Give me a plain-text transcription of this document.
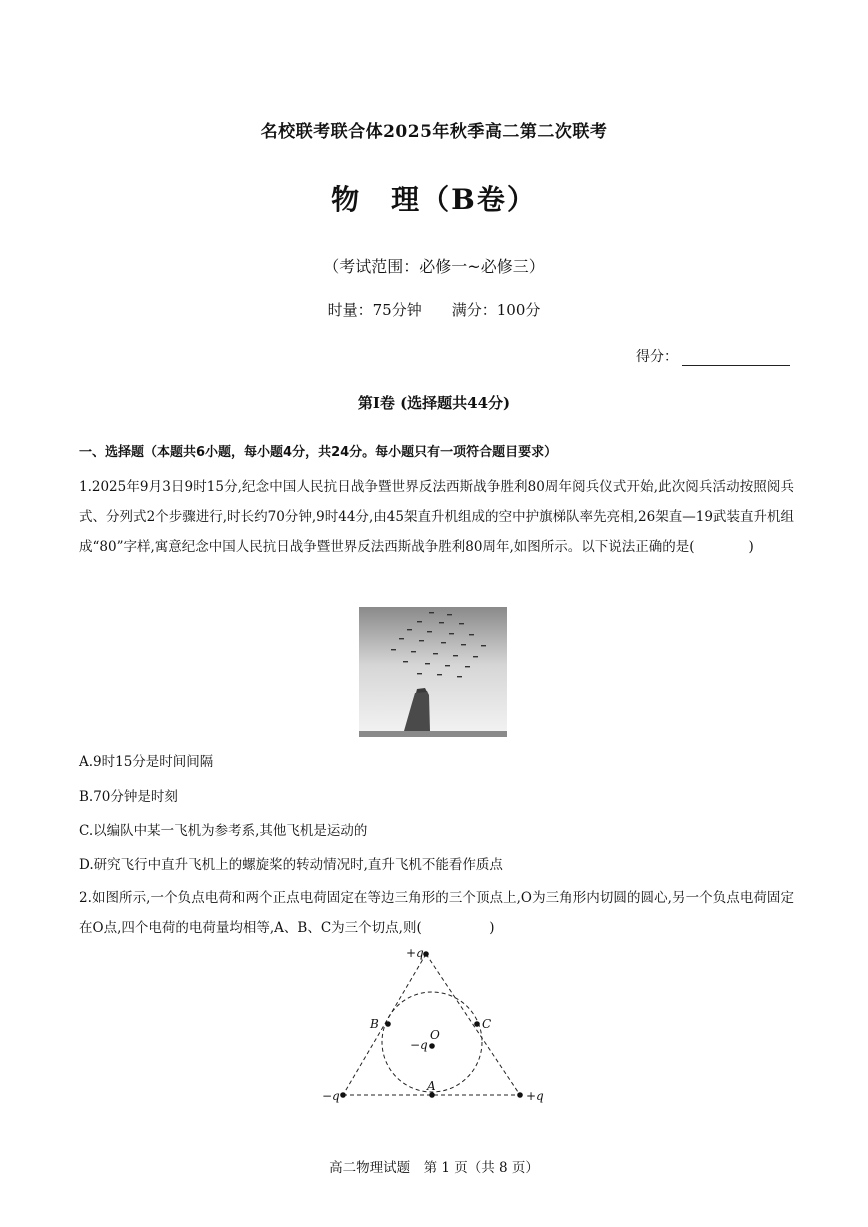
名校联考联合体2025年秋季高二第二次联考
物　理（B卷）
（考试范围：必修一~必修三）
时量：75分钟　　满分：100分
得分：
第I卷 (选择题共44分)
一、选择题（本题共6小题，每小题4分，共24分。每小题只有一项符合题目要求）
1.2025年9月3日9时15分,纪念中国人民抗日战争暨世界反法西斯战争胜利80周年阅兵仪式开始,此次阅兵活动按照阅兵式、分列式2个步骤进行,时长约70分钟,9时44分,由45架直升机组成的空中护旗梯队率先亮相,26架直—19武装直升机组成“80”字样,寓意纪念中国人民抗日战争暨世界反法西斯战争胜利80周年,如图所示。以下说法正确的是(　　　　)
A.9时15分是时间间隔
B.70分钟是时刻
C.以编队中某一飞机为参考系,其他飞机是运动的
D.研究飞行中直升飞机上的螺旋桨的转动情况时,直升飞机不能看作质点
2.如图所示,一个负点电荷和两个正点电荷固定在等边三角形的三个顶点上,O为三角形内切圆的圆心,另一个负点电荷固定在O点,四个电荷的电荷量均相等,A、B、C为三个切点,则(　　　　　)
+q
−q	+q
−q
O
A
B	C
高二物理试题　第 1 页（共 8 页）
